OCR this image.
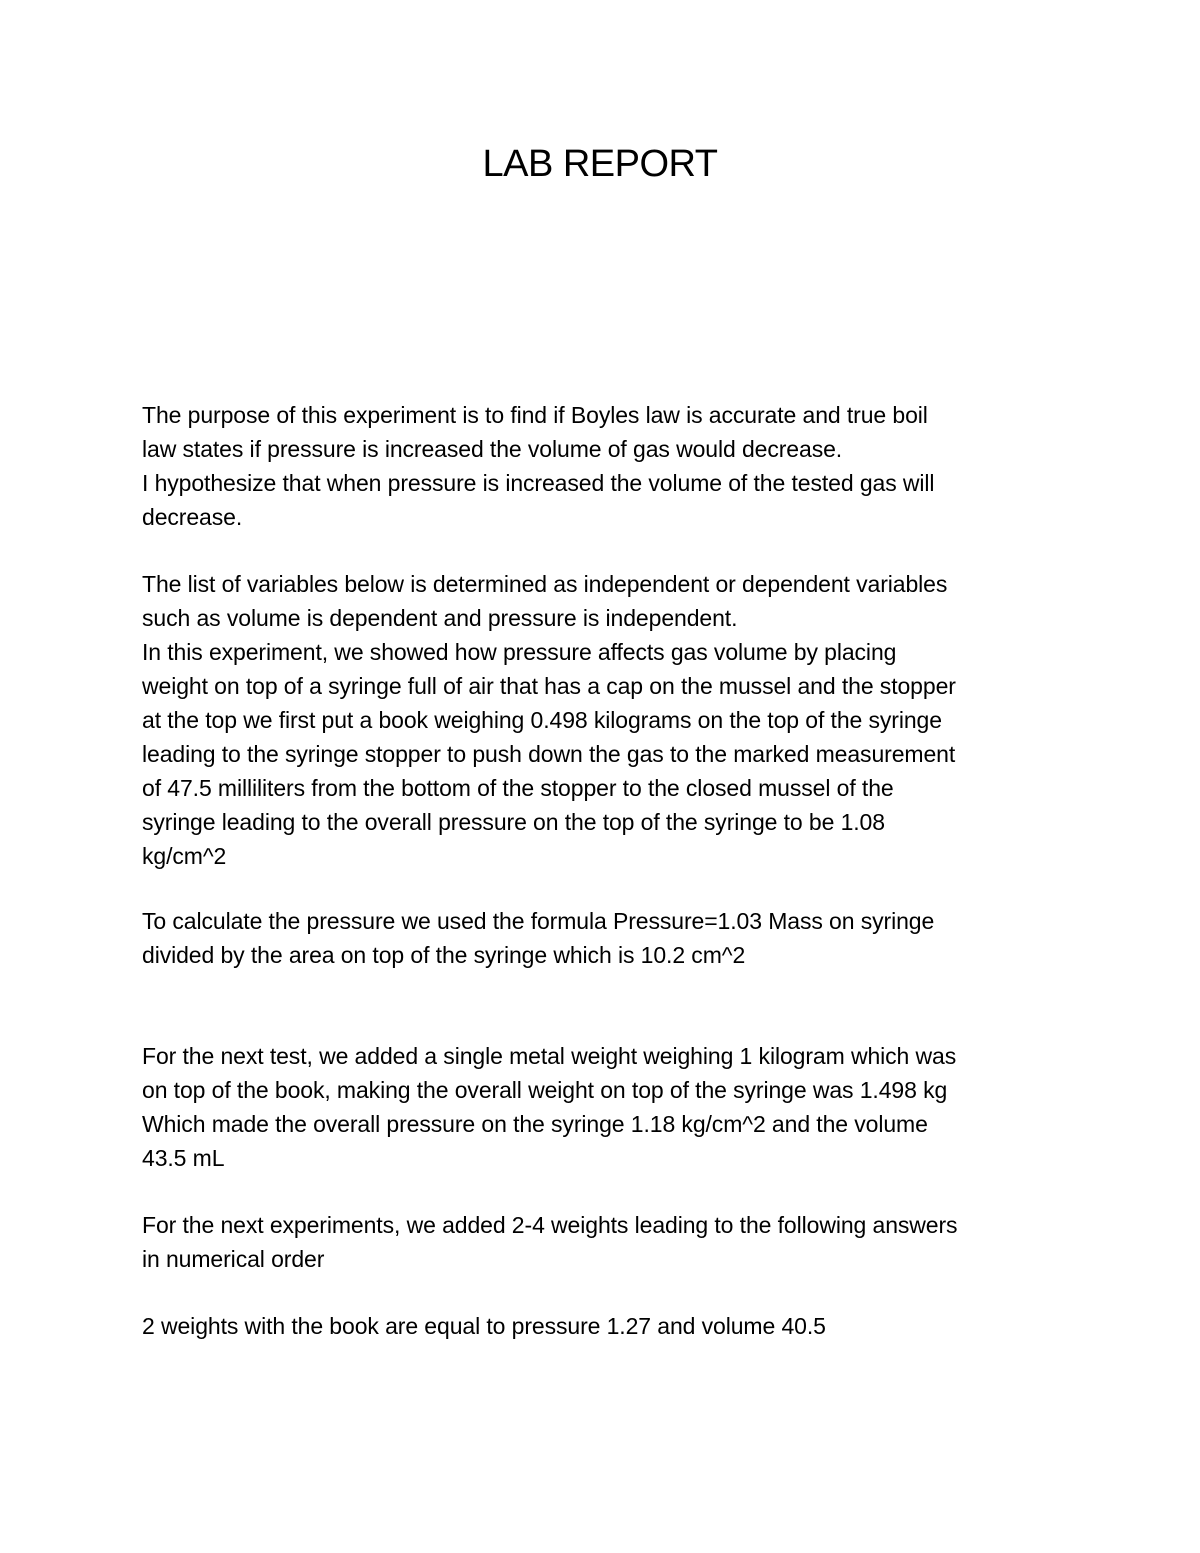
LAB REPORT

The purpose of this experiment is to find if Boyles law is accurate and true boil
law states if pressure is increased the volume of gas would decrease.
I hypothesize that when pressure is increased the volume of the tested gas will
decrease.

The list of variables below is determined as independent or dependent variables
such as volume is dependent and pressure is independent.
In this experiment, we showed how pressure affects gas volume by placing
weight on top of a syringe full of air that has a cap on the mussel and the stopper
at the top we first put a book weighing 0.498 kilograms on the top of the syringe
leading to the syringe stopper to push down the gas to the marked measurement
of 47.5 milliliters from the bottom of the stopper to the closed mussel of the
syringe leading to the overall pressure on the top of the syringe to be 1.08
kg/cm^2

To calculate the pressure we used the formula Pressure=1.03 Mass on syringe
divided by the area on top of the syringe which is 10.2 cm^2

For the next test, we added a single metal weight weighing 1 kilogram which was
on top of the book, making the overall weight on top of the syringe was 1.498 kg
Which made the overall pressure on the syringe 1.18 kg/cm^2 and the volume
43.5 mL

For the next experiments, we added 2-4 weights leading to the following answers
in numerical order

2 weights with the book are equal to pressure 1.27 and volume 40.5
